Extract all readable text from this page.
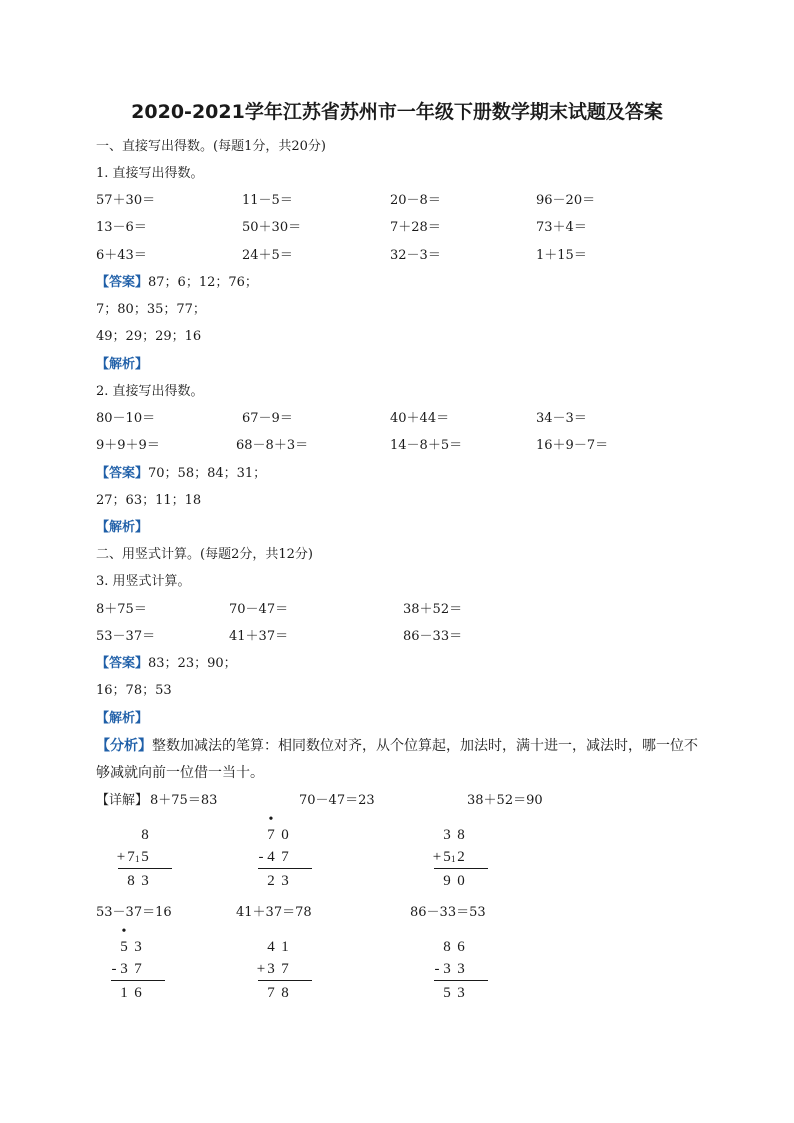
2020-2021学年江苏省苏州市一年级下册数学期末试题及答案
一、直接写出得数。(每题1分，共20分)
1. 直接写出得数。
57＋30＝	11－5＝	20－8＝	96－20＝
13－6＝	50＋30＝	7＋28＝	73＋4＝
6＋43＝	24＋5＝	32－3＝	1＋15＝
【答案】87；6；12；76；
7；80；35；77；
49；29；29；16
【解析】
2. 直接写出得数。
80－10＝	67－9＝	40＋44＝	34－3＝
9＋9＋9＝	68－8＋3＝	14－8＋5＝	16＋9－7＝
【答案】70；58；84；31；
27；63；11；18
【解析】
二、用竖式计算。(每题2分，共12分)
3. 用竖式计算。
8＋75＝	70－47＝	38＋52＝
53－37＝	41＋37＝	86－33＝
【答案】83；23；90；
16；78；53
【解析】
【分析】整数加减法的笔算：相同数位对齐，从个位算起，加法时，满十进一，减法时，哪一位不
够减就向前一位借一当十。
【详解】 8＋75＝83	70－47＝23	38＋52＝90
53－37＝16	41＋37＝78	86－33＝53
8
+ 7 1 5
8 3
•
7 0
- 4 7
2 3
3 8
+ 5 1 2
9 0
•
5 3
- 3 7
1 6
4 1
+ 3 7
7 8
8 6
- 3 3
5 3
